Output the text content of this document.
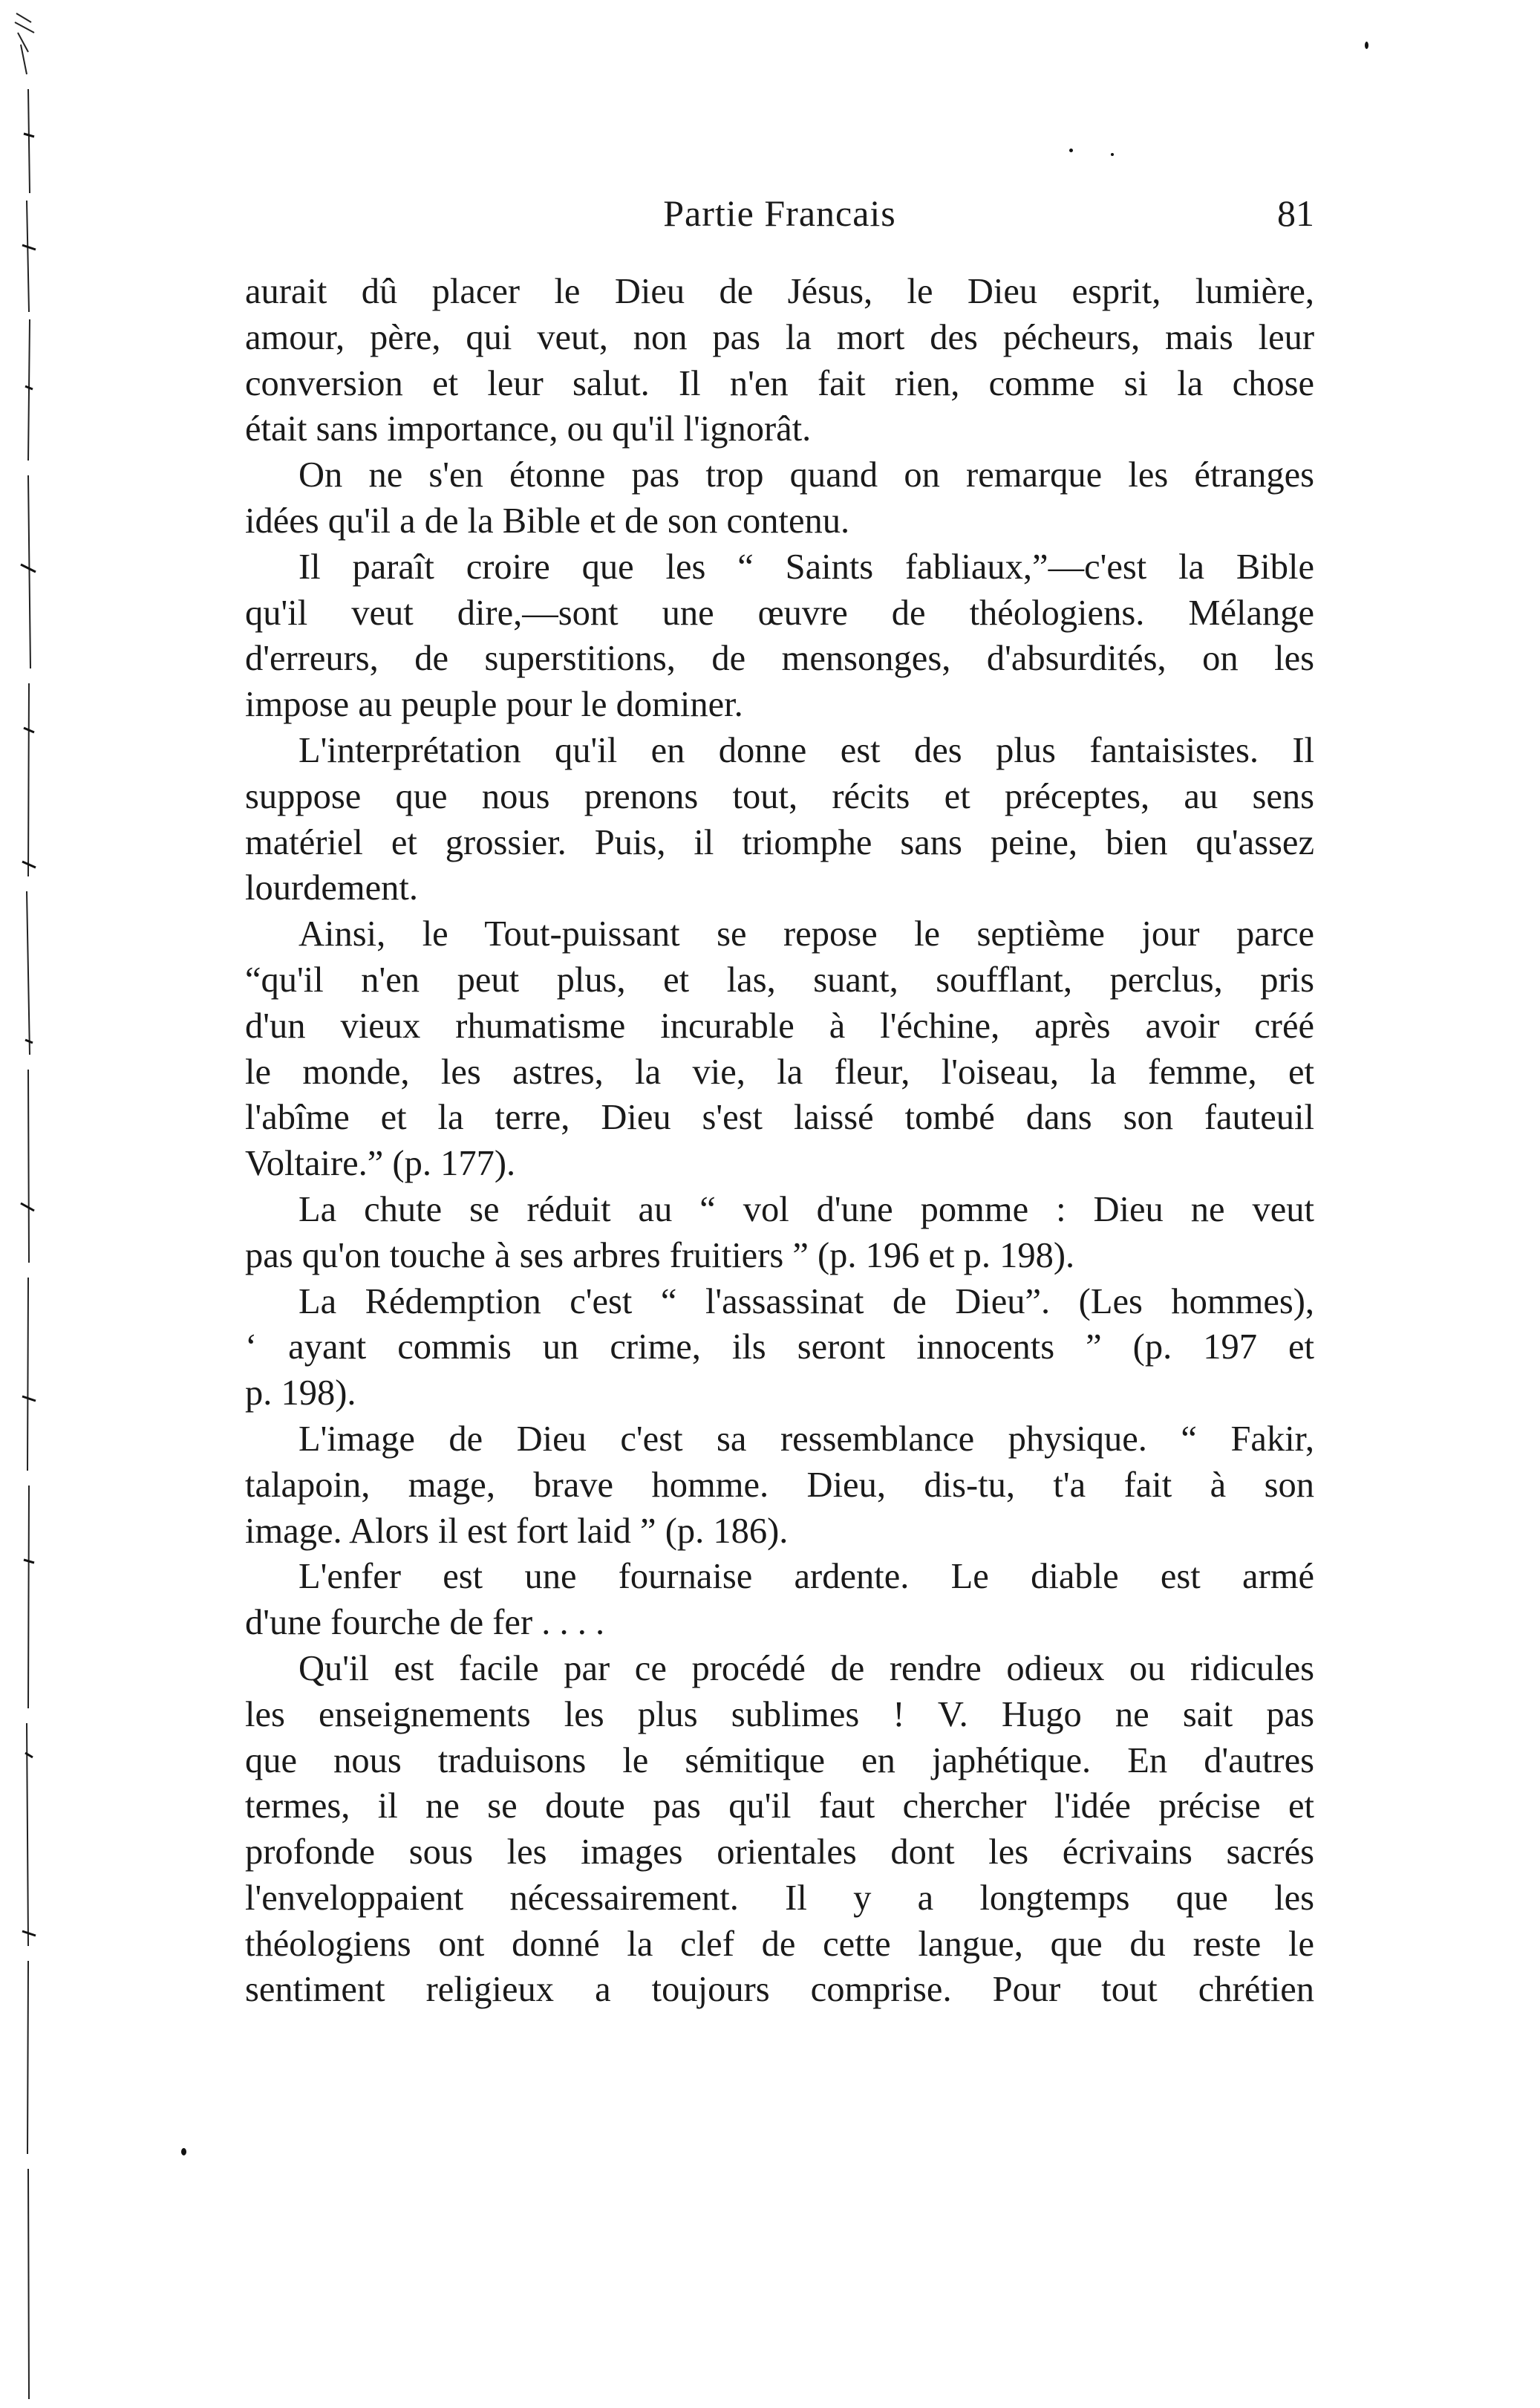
Partie Francais	81

aurait dû placer le Dieu de Jésus, le Dieu esprit, lumière,
amour, père, qui veut, non pas la mort des pécheurs, mais leur
conversion et leur salut. Il n'en fait rien, comme si la chose
était sans importance, ou qu'il l'ignorât.

On ne s'en étonne pas trop quand on remarque les étranges
idées qu'il a de la Bible et de son contenu.

Il paraît croire que les “ Saints fabliaux,”—c'est la Bible
qu'il veut dire,—sont une œuvre de théologiens. Mélange
d'erreurs, de superstitions, de mensonges, d'absurdités, on les
impose au peuple pour le dominer.

L'interprétation qu'il en donne est des plus fantaisistes. Il
suppose que nous prenons tout, récits et préceptes, au sens
matériel et grossier. Puis, il triomphe sans peine, bien qu'assez
lourdement.

Ainsi, le Tout-puissant se repose le septième jour parce
“qu'il n'en peut plus, et las, suant, soufflant, perclus, pris
d'un vieux rhumatisme incurable à l'échine, après avoir créé
le monde, les astres, la vie, la fleur, l'oiseau, la femme, et
l'abîme et la terre, Dieu s'est laissé tombé dans son fauteuil
Voltaire.” (p. 177).

La chute se réduit au “ vol d'une pomme : Dieu ne veut
pas qu'on touche à ses arbres fruitiers ” (p. 196 et p. 198).

La Rédemption c'est “ l'assassinat de Dieu”. (Les hommes),
‘ ayant commis un crime, ils seront innocents ” (p. 197 et
p. 198).

L'image de Dieu c'est sa ressemblance physique. “ Fakir,
talapoin, mage, brave homme. Dieu, dis-tu, t'a fait à son
image. Alors il est fort laid ” (p. 186).

L'enfer est une fournaise ardente. Le diable est armé
d'une fourche de fer . . . .

Qu'il est facile par ce procédé de rendre odieux ou ridicules
les enseignements les plus sublimes ! V. Hugo ne sait pas
que nous traduisons le sémitique en japhétique. En d'autres
termes, il ne se doute pas qu'il faut chercher l'idée précise et
profonde sous les images orientales dont les écrivains sacrés
l'enveloppaient nécessairement. Il y a longtemps que les
théologiens ont donné la clef de cette langue, que du reste le
sentiment religieux a toujours comprise. Pour tout chrétien
